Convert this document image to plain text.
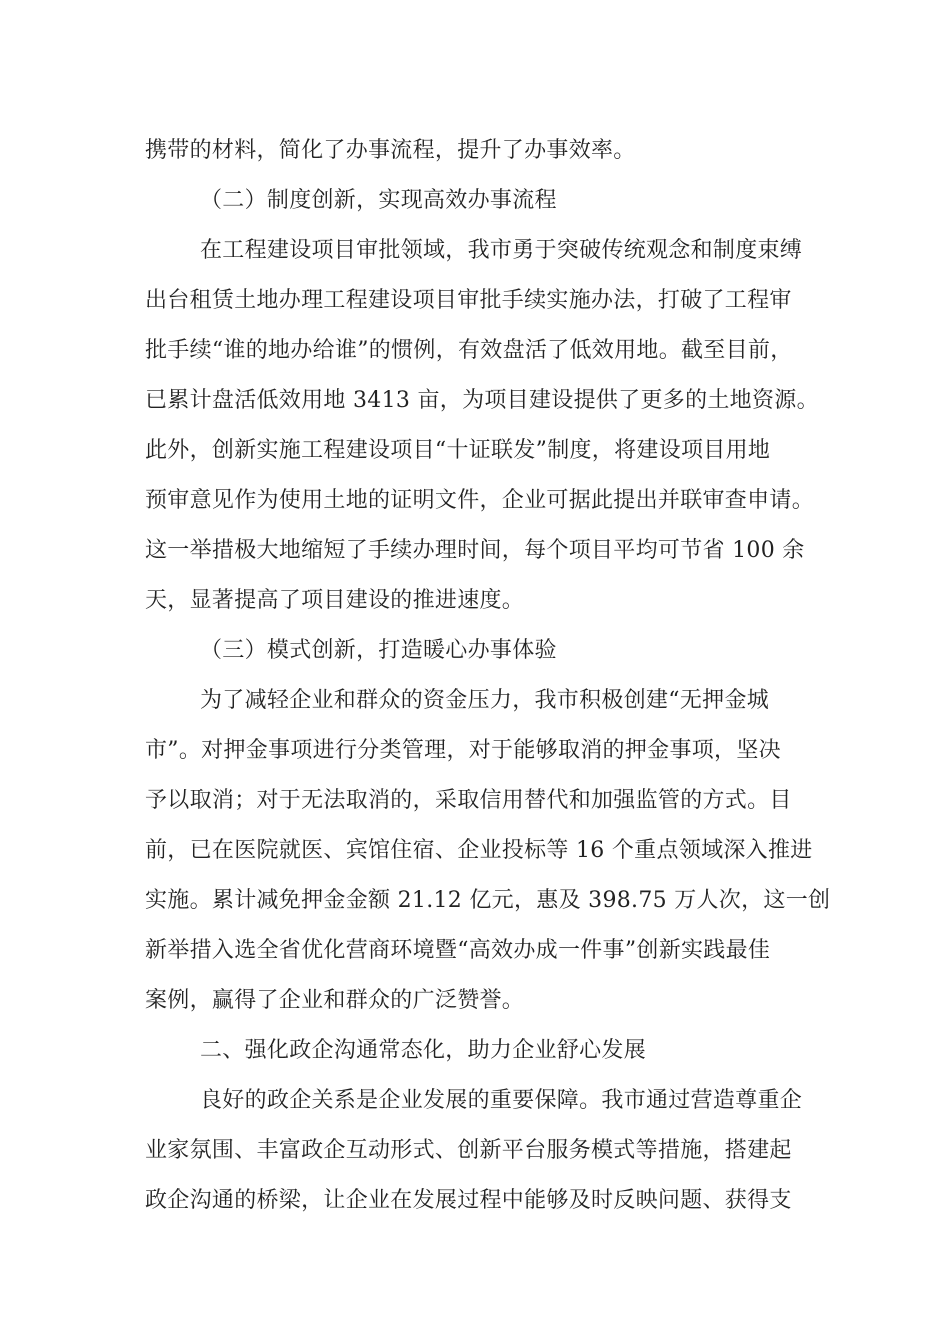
携带的材料，简化了办事流程，提升了办事效率。
（二）制度创新，实现高效办事流程
在工程建设项目审批领域，我市勇于突破传统观念和制度束缚
出台租赁土地办理工程建设项目审批手续实施办法，打破了工程审
批手续“谁的地办给谁”的惯例，有效盘活了低效用地。截至目前，
已累计盘活低效用地 3413 亩，为项目建设提供了更多的土地资源。
此外，创新实施工程建设项目“十证联发”制度，将建设项目用地
预审意见作为使用土地的证明文件，企业可据此提出并联审查申请。
这一举措极大地缩短了手续办理时间，每个项目平均可节省 100 余
天，显著提高了项目建设的推进速度。
（三）模式创新，打造暖心办事体验
为了减轻企业和群众的资金压力，我市积极创建“无押金城
市”。对押金事项进行分类管理，对于能够取消的押金事项，坚决
予以取消；对于无法取消的，采取信用替代和加强监管的方式。目
前，已在医院就医、宾馆住宿、企业投标等 16 个重点领域深入推进
实施。累计减免押金金额 21.12 亿元，惠及 398.75 万人次，这一创
新举措入选全省优化营商环境暨“高效办成一件事”创新实践最佳
案例，赢得了企业和群众的广泛赞誉。
二、强化政企沟通常态化，助力企业舒心发展
良好的政企关系是企业发展的重要保障。我市通过营造尊重企
业家氛围、丰富政企互动形式、创新平台服务模式等措施，搭建起
政企沟通的桥梁，让企业在发展过程中能够及时反映问题、获得支
